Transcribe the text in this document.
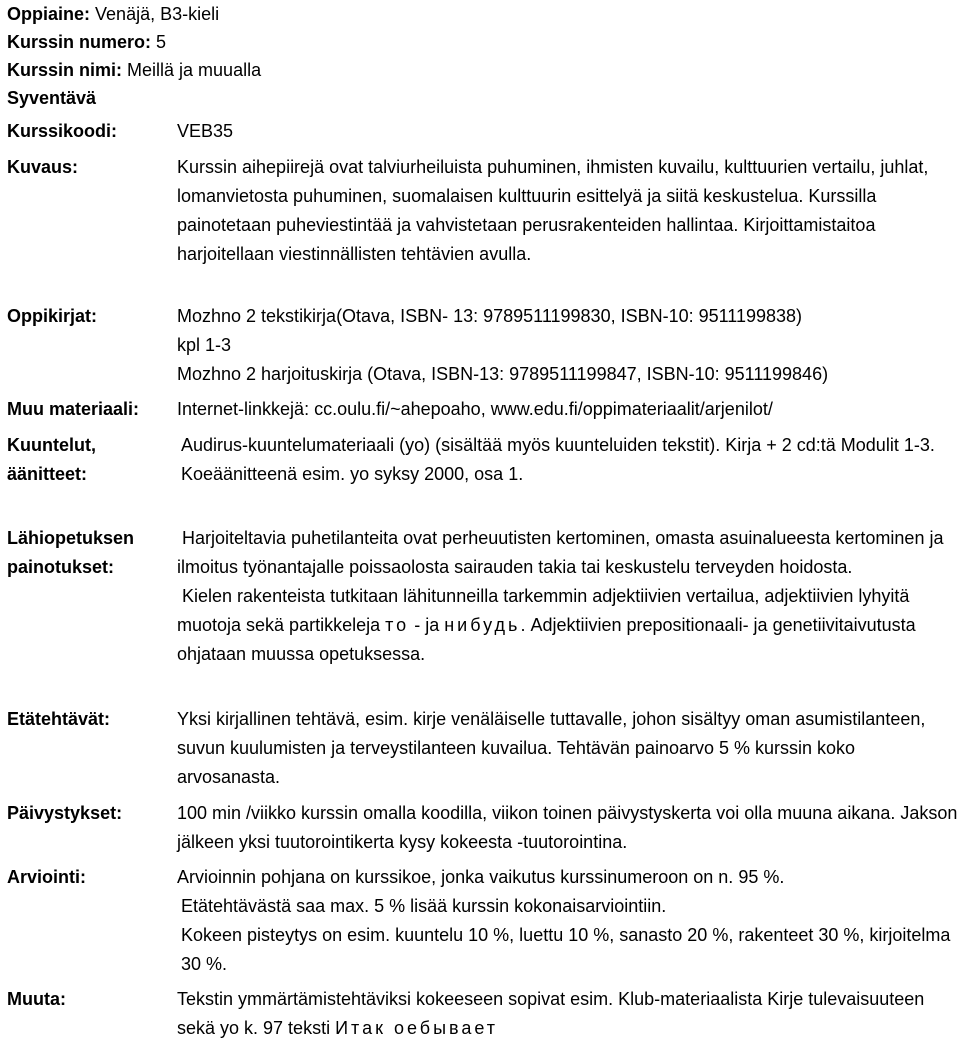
Oppiaine: Venäjä, B3-kieli
Kurssin numero: 5
Kurssin nimi: Meillä ja muualla
Syventävä
Kurssikoodi:	VEB35
Kuvaus:	Kurssin aihepiirejä ovat talviurheiluista puhuminen, ihmisten kuvailu, kulttuurien vertailu, juhlat, lomanvietosta puhuminen, suomalaisen kulttuurin esittelyä ja siitä keskustelua. Kurssilla painotetaan puheviestintää ja vahvistetaan perusrakenteiden hallintaa. Kirjoittamistaitoa harjoitellaan viestinnällisten tehtävien avulla.
Oppikirjat:	Mozhno 2 tekstikirja(Otava, ISBN- 13: 9789511199830, ISBN-10: 9511199838)

kpl 1-3

Mozhno 2 harjoituskirja (Otava, ISBN-13: 9789511199847, ISBN-10: 9511199846)

Muu materiaali: Internet-linkkejä: cc.oulu.fi/~ahepoaho, www.edu.fi/oppimateriaalit/arjenilot/
Kuuntelut, äänitteet:

Audirus-kuuntelumateriaali (yo) (sisältää myös kuunteluiden tekstit). Kirja + 2 cd:tä Modulit 1-3.

Koeäänitteenä esim. yo syksy 2000, osa 1.

Lähiopetuksen painotukset:

Harjoiteltavia puhetilanteita ovat perheuutisten kertominen, omasta asuinalueesta kertominen ja ilmoitus työnantajalle poissaolosta sairauden takia tai keskustelu terveyden hoidosta.

Kielen rakenteista tutkitaan lähitunneilla tarkemmin adjektiivien vertailua, adjektiivien lyhyitä muotoja sekä partikkeleja то - ja нибудь. Adjektiivien prepositionaali- ja genetiivitaivutusta ohjataan muussa opetuksessa.

Etätehtävät:	Yksi kirjallinen tehtävä, esim. kirje venäläiselle tuttavalle, johon sisältyy oman asumistilanteen, suvun kuulumisten ja terveystilanteen kuvailua. Tehtävän painoarvo 5 % kurssin koko arvosanasta.
Päivystykset:	100 min /viikko kurssin omalla koodilla, viikon toinen päivystyskerta voi olla muuna aikana. Jakson jälkeen yksi tuutorointikerta kysy kokeesta -tuutorointina.
Arviointi:	Arvioinnin pohjana on kurssikoe, jonka vaikutus kurssinumeroon on n. 95 %.

Etätehtävästä saa max. 5 % lisää kurssin kokonaisarviointiin.

Kokeen pisteytys on esim. kuuntelu 10 %, luettu 10 %, sanasto 20 %, rakenteet 30 %, kirjoitelma 30 %.

Muuta:	Tekstin ymmärtämistehtäviksi kokeeseen sopivat esim. Klub-materiaalista Kirje tulevaisuuteen sekä yo k. 97 teksti Итак оебывает
